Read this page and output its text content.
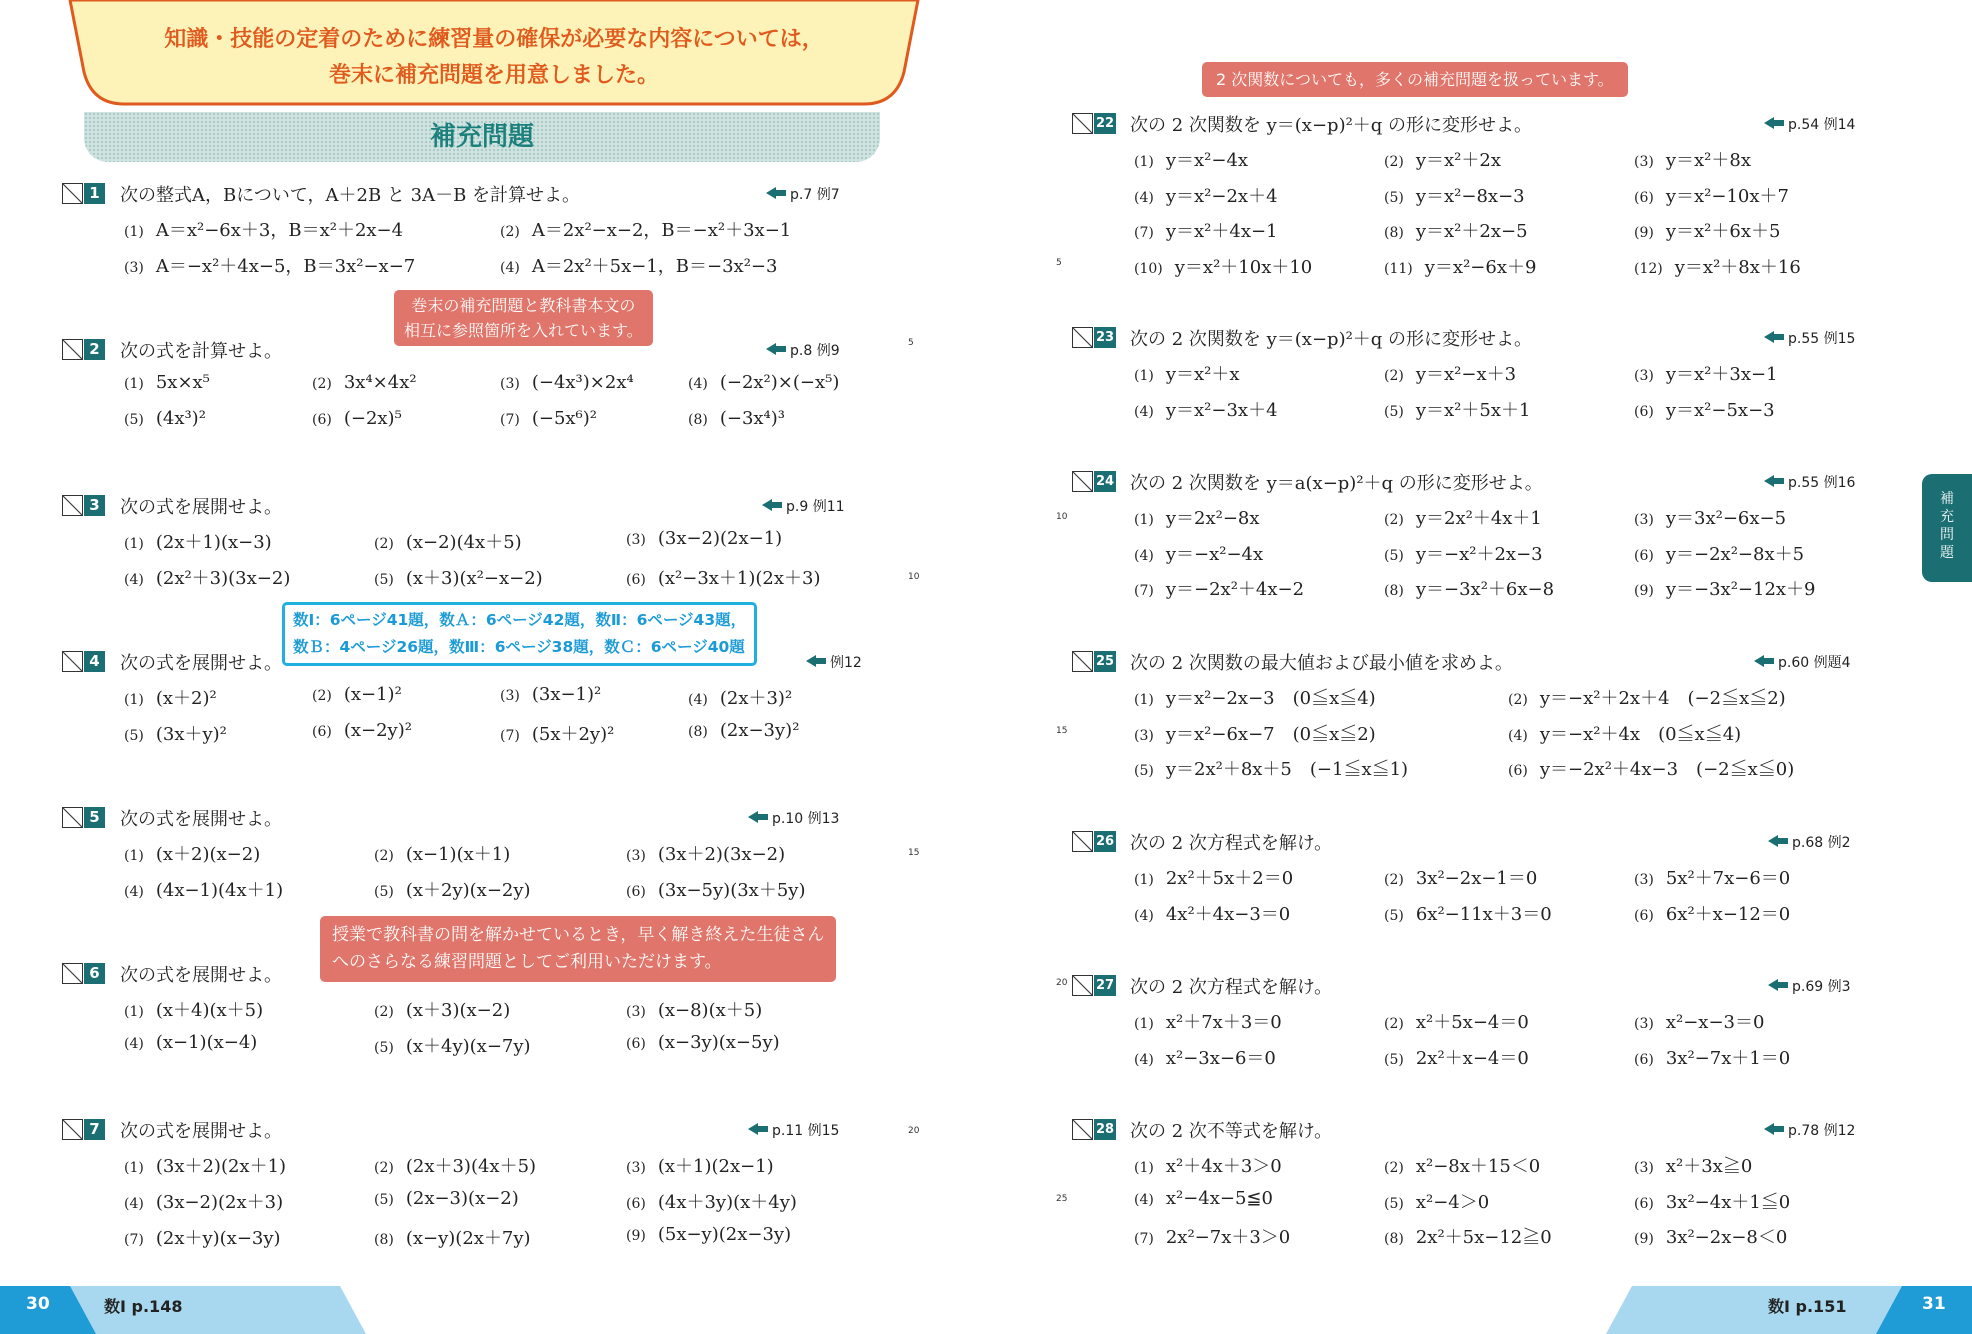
知識・技能の定着のために練習量の確保が必要な内容については，
巻末に補充問題を用意しました。
補充問題
1 次の整式A，Bについて，A＋2B と 3A－B を計算せよ。	p.7 例7
(1) A＝x²−6x＋3，B＝x²＋2x−4	(2) A＝2x²−x−2，B＝−x²＋3x−1
(3) A＝−x²＋4x−5，B＝3x²−x−7	(4) A＝2x²＋5x−1，B＝−3x²−3
2 次の式を計算せよ。	p.8 例9
(1) 5x×x⁵	(2) 3x⁴×4x²	(3) (−4x³)×2x⁴	(4) (−2x²)×(−x⁵)
(5) (4x³)²	(6) (−2x)⁵	(7) (−5x⁶)²	(8) (−3x⁴)³
3 次の式を展開せよ。	p.9 例11
(1) (2x＋1)(x−3)	(2) (x−2)(4x＋5)	(3) (3x−2)(2x−1)
(4) (2x²＋3)(3x−2)	(5) (x＋3)(x²−x−2)	(6) (x²−3x＋1)(2x＋3)
4 次の式を展開せよ。	例12
(1) (x＋2)²	(2) (x−1)²	(3) (3x−1)²	(4) (2x＋3)²
(5) (3x＋y)²	(6) (x−2y)²	(7) (5x＋2y)²	(8) (2x−3y)²
5 次の式を展開せよ。	p.10 例13
(1) (x＋2)(x−2)	(2) (x−1)(x＋1)	(3) (3x＋2)(3x−2)
(4) (4x−1)(4x＋1)	(5) (x＋2y)(x−2y)	(6) (3x−5y)(3x＋5y)
6 次の式を展開せよ。
(1) (x＋4)(x＋5)	(2) (x＋3)(x−2)	(3) (x−8)(x＋5)
(4) (x−1)(x−4)	(5) (x＋4y)(x−7y)	(6) (x−3y)(x−5y)
7 次の式を展開せよ。	p.11 例15
(1) (3x＋2)(2x＋1)	(2) (2x＋3)(4x＋5)	(3) (x＋1)(2x−1)
(4) (3x−2)(2x＋3)	(5) (2x−3)(x−2)	(6) (4x＋3y)(x＋4y)
(7) (2x＋y)(x−3y)	(8) (x−y)(2x＋7y)	(9) (5x−y)(2x−3y)
22 次の 2 次関数を y＝(x−p)²＋q の形に変形せよ。	p.54 例14
(1) y＝x²−4x	(2) y＝x²＋2x	(3) y＝x²＋8x
(4) y＝x²−2x＋4	(5) y＝x²−8x−3	(6) y＝x²−10x＋7
(7) y＝x²＋4x−1	(8) y＝x²＋2x−5	(9) y＝x²＋6x＋5
(10) y＝x²＋10x＋10	(11) y＝x²−6x＋9	(12) y＝x²＋8x＋16
23 次の 2 次関数を y＝(x−p)²＋q の形に変形せよ。	p.55 例15
(1) y＝x²＋x	(2) y＝x²−x＋3	(3) y＝x²＋3x−1
(4) y＝x²−3x＋4	(5) y＝x²＋5x＋1	(6) y＝x²−5x−3
24 次の 2 次関数を y＝a(x−p)²＋q の形に変形せよ。	p.55 例16
(1) y＝2x²−8x	(2) y＝2x²＋4x＋1	(3) y＝3x²−6x−5
(4) y＝−x²−4x	(5) y＝−x²＋2x−3	(6) y＝−2x²−8x＋5
(7) y＝−2x²＋4x−2	(8) y＝−3x²＋6x−8	(9) y＝−3x²−12x＋9
25 次の 2 次関数の最大値および最小値を求めよ。	p.60 例題4
(1) y＝x²−2x−3　(0≦x≦4)	(2) y＝−x²＋2x＋4　(−2≦x≦2)
(3) y＝x²−6x−7　(0≦x≦2)	(4) y＝−x²＋4x　(0≦x≦4)
(5) y＝2x²＋8x＋5　(−1≦x≦1)	(6) y＝−2x²＋4x−3　(−2≦x≦0)
26 次の 2 次方程式を解け。	p.68 例2
(1) 2x²＋5x＋2＝0	(2) 3x²−2x−1＝0	(3) 5x²＋7x−6＝0
(4) 4x²＋4x−3＝0	(5) 6x²−11x＋3＝0	(6) 6x²＋x−12＝0
27 次の 2 次方程式を解け。	p.69 例3
(1) x²＋7x＋3＝0	(2) x²＋5x−4＝0	(3) x²−x−3＝0
(4) x²−3x−6＝0	(5) 2x²＋x−4＝0	(6) 3x²−7x＋1＝0
28 次の 2 次不等式を解け。	p.78 例12
(1) x²＋4x＋3＞0	(2) x²−8x＋15＜0	(3) x²＋3x≧0
(4) x²−4x−5≦0	(5) x²−4＞0	(6) 3x²−4x＋1≦0
(7) 2x²−7x＋3＞0	(8) 2x²＋5x−12≧0	(9) 3x²−2x−8＜0
巻末の補充問題と教科書本文の
相互に参照箇所を入れています。
数Ⅰ：6ページ41題，数Ａ：6ページ42題，数Ⅱ：6ページ43題，
数Ｂ：4ページ26題，数Ⅲ：6ページ38題，数Ｃ：6ページ40題
授業で教科書の問を解かせているとき，早く解き終えた生徒さん
へのさらなる練習問題としてご利用いただけます。
2 次関数についても，多くの補充問題を扱っています。
補
充
問
題
30	数Ⅰ p.148	数Ⅰ p.151	31
5
10
15
20
5
10
15
20
25
